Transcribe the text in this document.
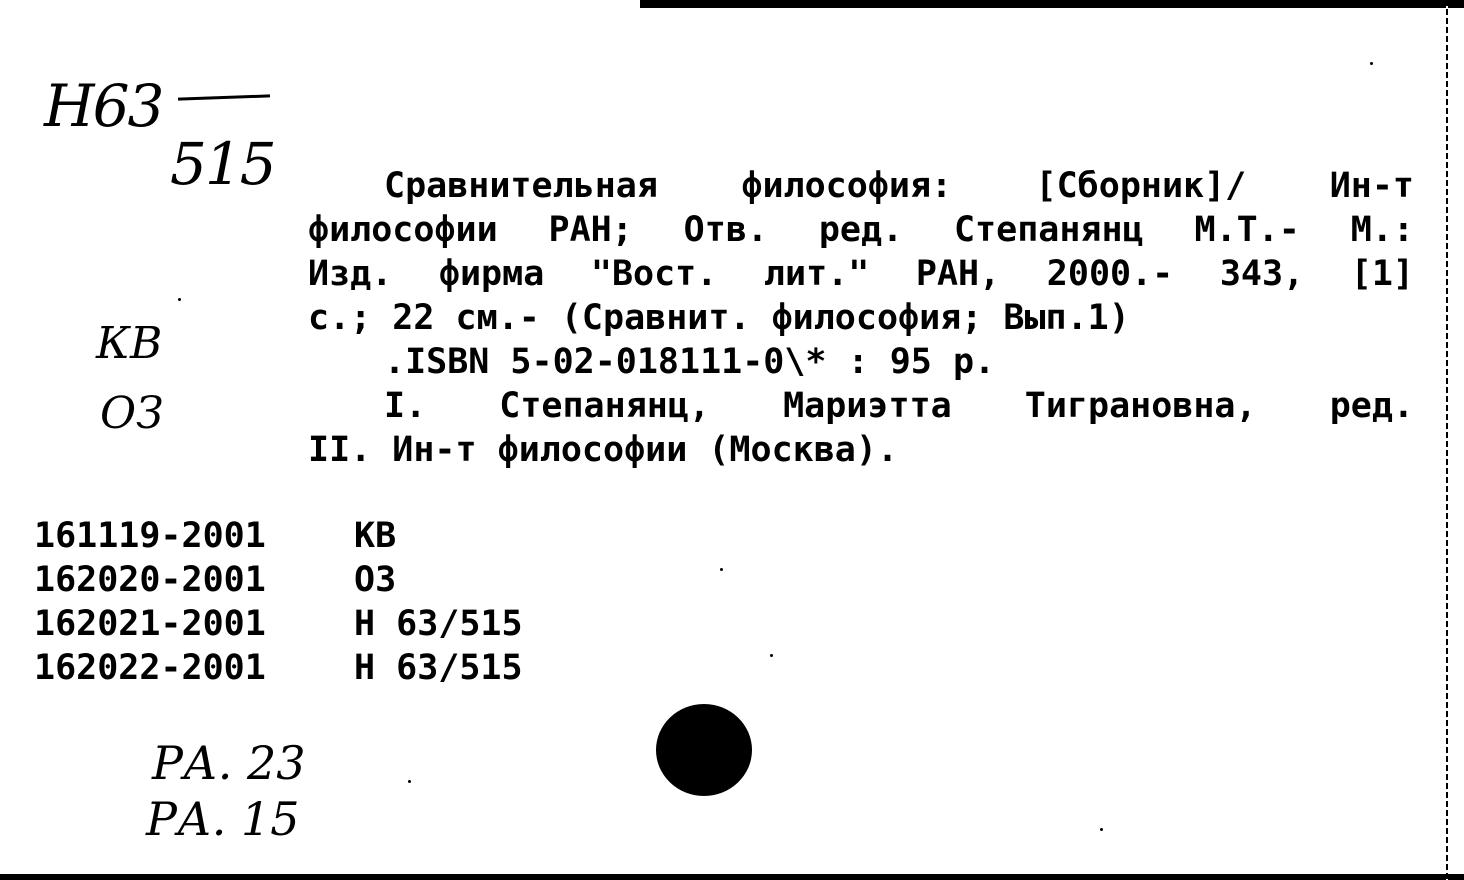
Н63
515
КВ
ОЗ
Сравнительная философия: [Сборник]/ Ин-т
философии РАН; Отв. ред. Степанянц М.Т.- М.:
Изд. фирма "Вост. лит." РАН, 2000.- 343, [1]
с.; 22 см.- (Сравнит. философия; Вып.1)
.ISBN 5-02-018111-0\* : 95 р.
I. Степанянц, Мариэтта Тиграновна, ред.
II. Ин-т философии (Москва).
161119-2001	КВ
162020-2001	ОЗ
162021-2001	Н 63/515
162022-2001	Н 63/515
РА. 23
РА. 15
